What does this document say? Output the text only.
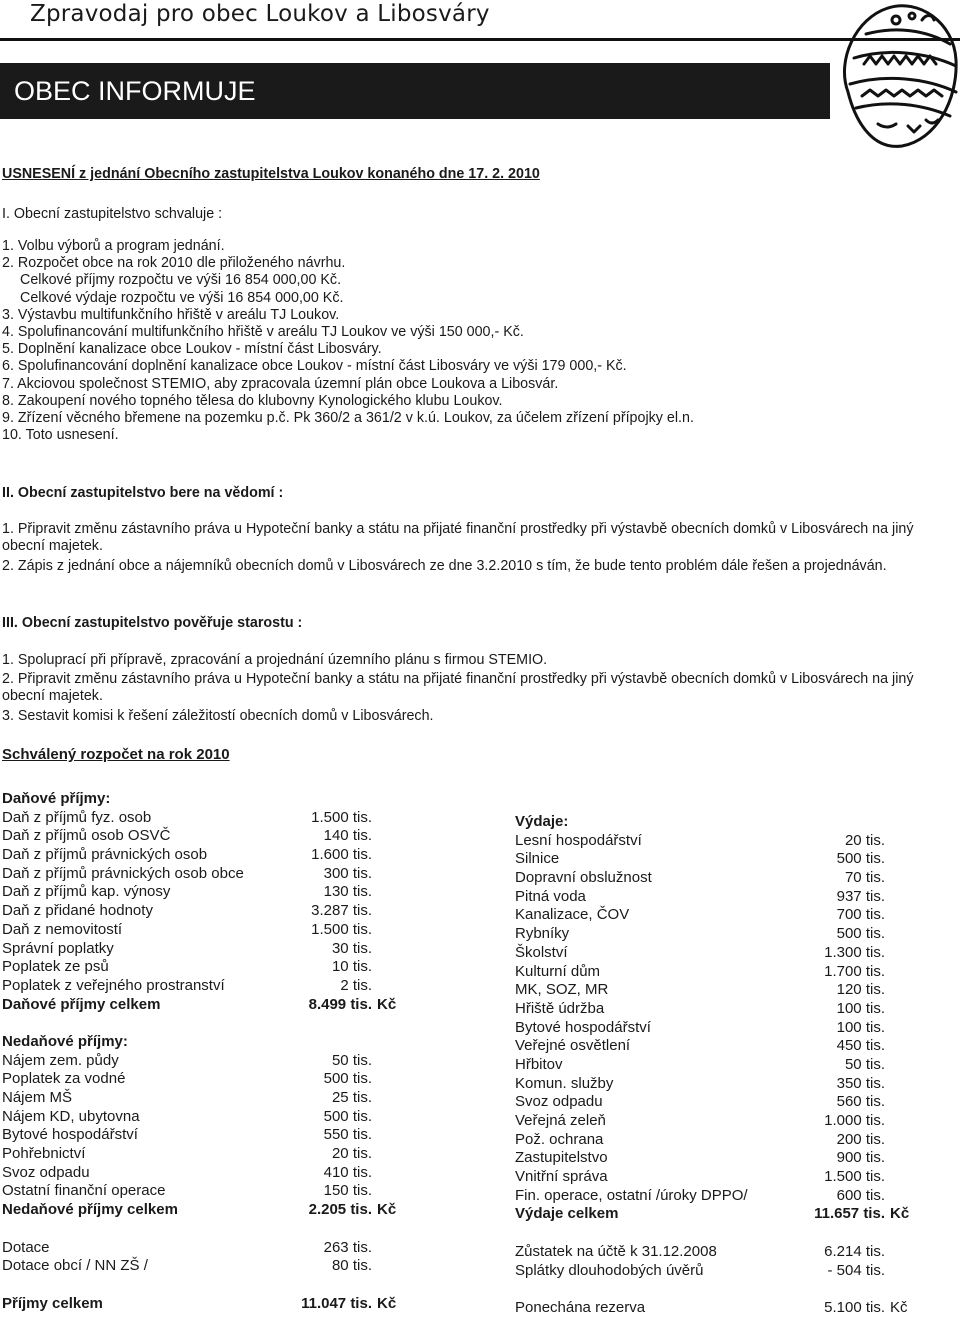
Zpravodaj pro obec Loukov a Libosváry
OBEC INFORMUJE
USNESENÍ z jednání Obecního zastupitelstva Loukov konaného dne 17. 2. 2010
I. Obecní zastupitelstvo schvaluje :
1. Volbu výborů a program jednání.
2. Rozpočet obce na rok 2010 dle přiloženého návrhu.
Celkové příjmy rozpočtu ve výši 16 854 000,00 Kč.
Celkové výdaje rozpočtu ve výši 16 854 000,00 Kč.
3. Výstavbu multifunkčního hřiště v areálu TJ Loukov.
4. Spolufinancování multifunkčního hřiště v areálu TJ Loukov ve výši 150 000,- Kč.
5. Doplnění kanalizace obce Loukov - místní část Libosváry.
6. Spolufinancování doplnění kanalizace obce Loukov - místní část Libosváry ve výši 179 000,- Kč.
7. Akciovou společnost STEMIO, aby zpracovala územní plán obce Loukova a Libosvár.
8. Zakoupení nového topného tělesa do klubovny Kynologického klubu Loukov.
9. Zřízení věcného břemene na pozemku p.č. Pk 360/2 a 361/2 v k.ú. Loukov, za účelem zřízení přípojky el.n.
10. Toto usnesení.
II. Obecní zastupitelstvo bere na vědomí :
1. Připravit změnu zástavního práva u Hypoteční banky a státu na přijaté finanční prostředky při výstavbě obecních domků v Libosvárech na jiný obecní majetek.
2. Zápis z jednání obce a nájemníků obecních domů v Libosvárech ze dne 3.2.2010 s tím, že bude tento problém dále řešen a projednáván.
III. Obecní zastupitelstvo pověřuje starostu :
1. Spoluprací při přípravě, zpracování a projednání územního plánu s firmou STEMIO.
2. Připravit změnu zástavního práva u Hypoteční banky a státu na přijaté finanční prostředky při výstavbě obecních domků v Libosvárech na jiný obecní majetek.
3. Sestavit komisi k řešení záležitostí obecních domů v Libosvárech.
Schválený rozpočet na rok 2010
Daňové příjmy:
Daň z příjmů fyz. osob	1.500 tis.
Daň z příjmů osob OSVČ	140 tis.
Daň z příjmů právnických osob	1.600 tis.
Daň z příjmů právnických osob obce	300 tis.
Daň z příjmů kap. výnosy	130 tis.
Daň z přidané hodnoty	3.287 tis.
Daň z nemovitostí	1.500 tis.
Správní poplatky	30 tis.
Poplatek ze psů	10 tis.
Poplatek z veřejného prostranství	2 tis.
Daňové příjmy celkem	8.499 tis. Kč
Nedaňové příjmy:
Nájem zem. půdy	50 tis.
Poplatek za vodné	500 tis.
Nájem MŠ	25 tis.
Nájem KD, ubytovna	500 tis.
Bytové hospodářství	550 tis.
Pohřebnictví	20 tis.
Svoz odpadu	410 tis.
Ostatní finanční operace	150 tis.
Nedaňové příjmy celkem	2.205 tis. Kč
Dotace	263 tis.
Dotace obcí / NN ZŠ /	80 tis.
Příjmy celkem	11.047 tis. Kč
Výdaje:
Lesní hospodářství	20 tis.
Silnice	500 tis.
Dopravní obslužnost	70 tis.
Pitná voda	937 tis.
Kanalizace, ČOV	700 tis.
Rybníky	500 tis.
Školství	1.300 tis.
Kulturní dům	1.700 tis.
MK, SOZ, MR	120 tis.
Hřiště údržba	100 tis.
Bytové hospodářství	100 tis.
Veřejné osvětlení	450 tis.
Hřbitov	50 tis.
Komun. služby	350 tis.
Svoz odpadu	560 tis.
Veřejná zeleň	1.000 tis.
Pož. ochrana	200 tis.
Zastupitelstvo	900 tis.
Vnitřní správa	1.500 tis.
Fin. operace, ostatní /úroky DPPO/	600 tis.
Výdaje celkem	11.657 tis. Kč
Zůstatek na účtě k 31.12.2008	6.214 tis.
Splátky dlouhodobých úvěrů	- 504 tis.
Ponechána rezerva	5.100 tis. Kč
